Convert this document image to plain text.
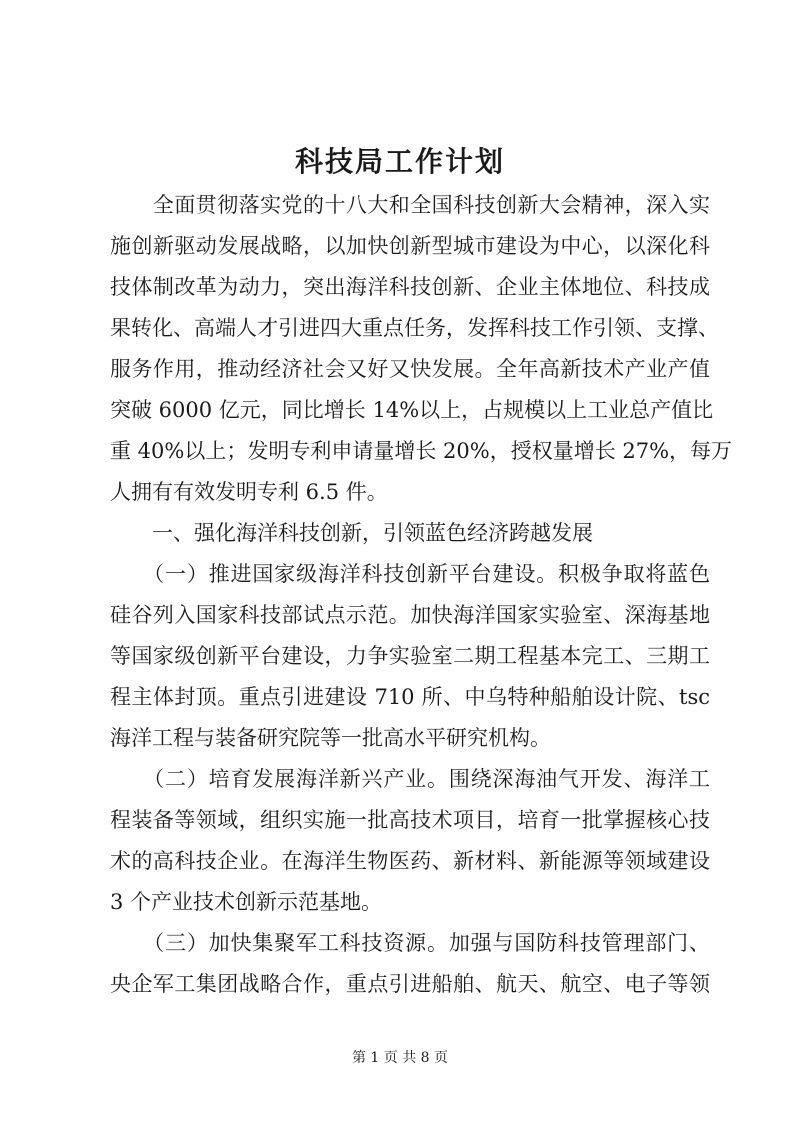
科技局工作计划
　　全面贯彻落实党的十八大和全国科技创新大会精神，深入实
施创新驱动发展战略，以加快创新型城市建设为中心，以深化科
技体制改革为动力，突出海洋科技创新、企业主体地位、科技成
果转化、高端人才引进四大重点任务，发挥科技工作引领、支撑、
服务作用，推动经济社会又好又快发展。全年高新技术产业产值
突破 6000 亿元，同比增长 14%以上，占规模以上工业总产值比
重 40%以上；发明专利申请量增长 20%，授权量增长 27%，每万
人拥有有效发明专利 6.5 件。
　　一、强化海洋科技创新，引领蓝色经济跨越发展
　　（一）推进国家级海洋科技创新平台建设。积极争取将蓝色
硅谷列入国家科技部试点示范。加快海洋国家实验室、深海基地
等国家级创新平台建设，力争实验室二期工程基本完工、三期工
程主体封顶。重点引进建设 710 所、中乌特种船舶设计院、tsc
海洋工程与装备研究院等一批高水平研究机构。
　　（二）培育发展海洋新兴产业。围绕深海油气开发、海洋工
程装备等领域，组织实施一批高技术项目，培育一批掌握核心技
术的高科技企业。在海洋生物医药、新材料、新能源等领域建设
3 个产业技术创新示范基地。
　　（三）加快集聚军工科技资源。加强与国防科技管理部门、
央企军工集团战略合作，重点引进船舶、航天、航空、电子等领
第 1 页 共 8 页
